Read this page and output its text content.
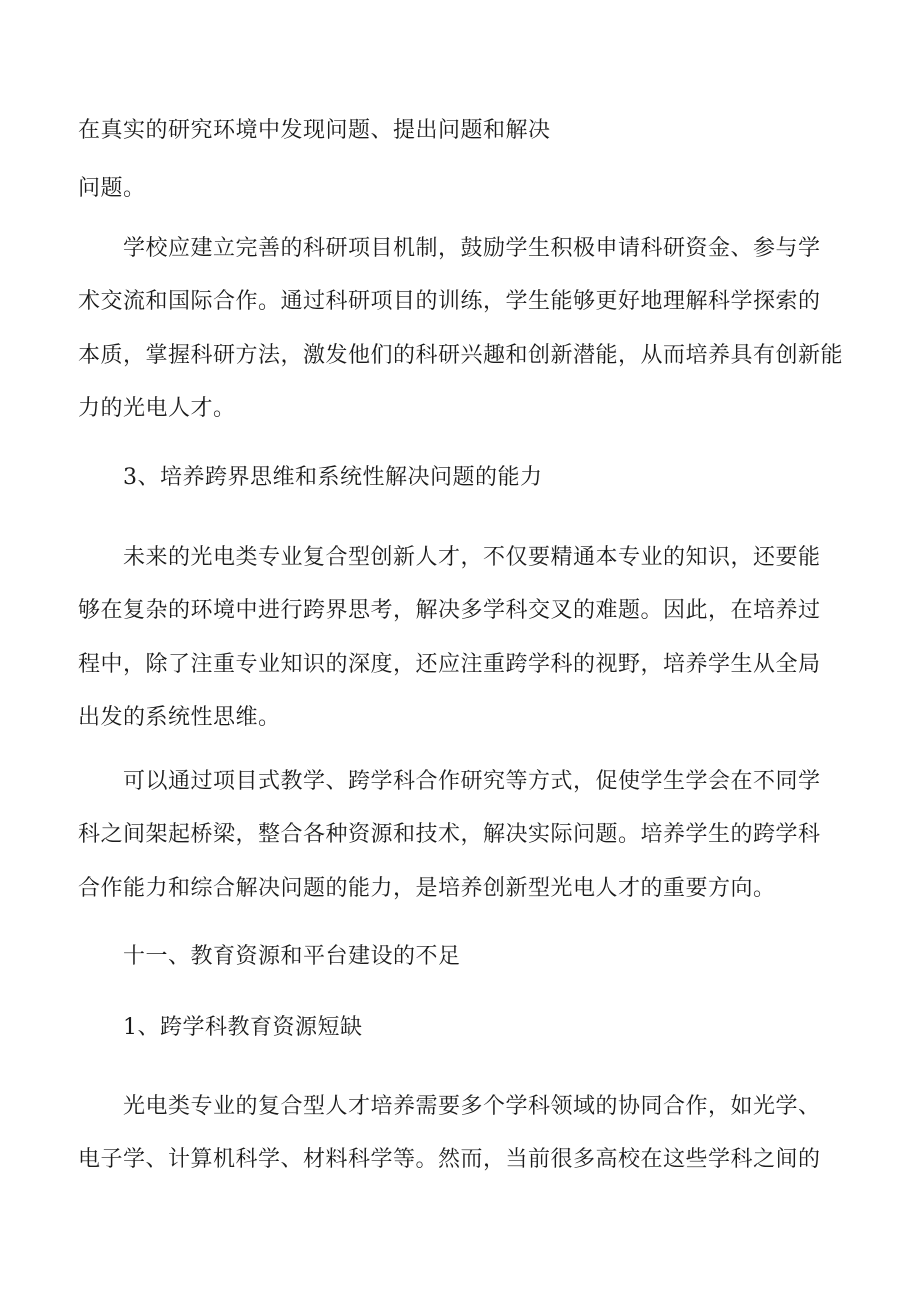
在真实的研究环境中发现问题、提出问题和解决
问题。
学校应建立完善的科研项目机制，鼓励学生积极申请科研资金、参与学
术交流和国际合作。通过科研项目的训练，学生能够更好地理解科学探索的
本质，掌握科研方法，激发他们的科研兴趣和创新潜能，从而培养具有创新能
力的光电人才。
3、培养跨界思维和系统性解决问题的能力
未来的光电类专业复合型创新人才，不仅要精通本专业的知识，还要能
够在复杂的环境中进行跨界思考，解决多学科交叉的难题。因此，在培养过
程中，除了注重专业知识的深度，还应注重跨学科的视野，培养学生从全局
出发的系统性思维。
可以通过项目式教学、跨学科合作研究等方式，促使学生学会在不同学
科之间架起桥梁，整合各种资源和技术，解决实际问题。培养学生的跨学科
合作能力和综合解决问题的能力，是培养创新型光电人才的重要方向。
十一、教育资源和平台建设的不足
1、跨学科教育资源短缺
光电类专业的复合型人才培养需要多个学科领域的协同合作，如光学、
电子学、计算机科学、材料科学等。然而，当前很多高校在这些学科之间的
